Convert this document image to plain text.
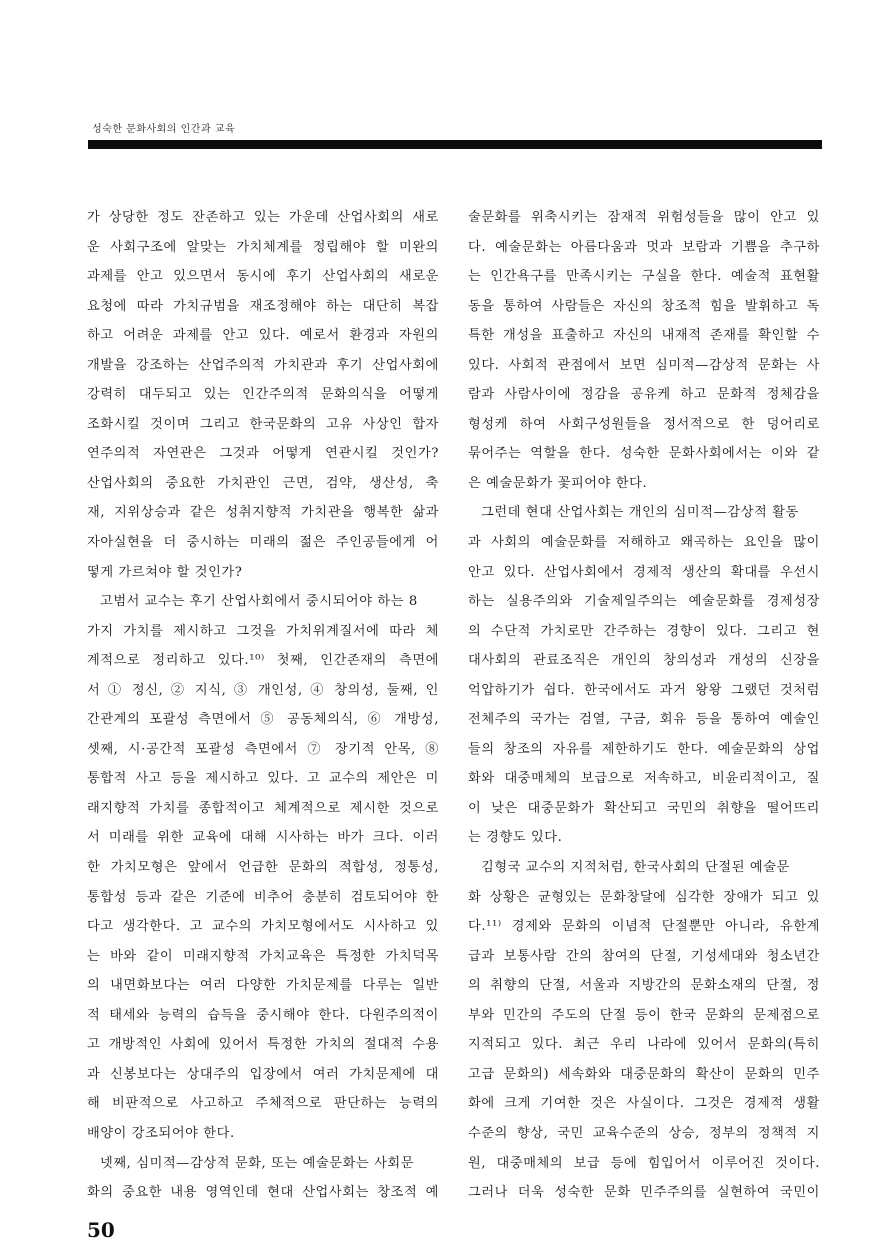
성숙한 문화사회의 인간과 교육
가 상당한 정도 잔존하고 있는 가운데 산업사회의 새로
운 사회구조에 알맞는 가치체계를 정립해야 할 미완의
과제를 안고 있으면서 동시에 후기 산업사회의 새로운
요청에 따라 가치규범을 재조정해야 하는 대단히 복잡
하고 어려운 과제를 안고 있다. 예로서 환경과 자원의
개발을 강조하는 산업주의적 가치관과 후기 산업사회에
강력히 대두되고 있는 인간주의적 문화의식을 어떻게
조화시킬 것이며 그리고 한국문화의 고유 사상인 합자
연주의적 자연관은 그것과 어떻게 연관시킬 것인가?
산업사회의 중요한 가치관인 근면, 검약, 생산성, 축
재, 지위상승과 같은 성취지향적 가치관을 행복한 삶과
자아실현을 더 중시하는 미래의 젊은 주인공들에게 어
떻게 가르쳐야 할 것인가?
고범서 교수는 후기 산업사회에서 중시되어야 하는 8
가지 가치를 제시하고 그것을 가치위계질서에 따라 체
계적으로 정리하고 있다.¹⁰⁾ 첫째, 인간존재의 측면에
서 ① 정신, ② 지식, ③ 개인성, ④ 창의성, 둘째, 인
간관계의 포괄성 측면에서 ⑤ 공동체의식, ⑥ 개방성,
셋째, 시·공간적 포괄성 측면에서 ⑦ 장기적 안목, ⑧
통합적 사고 등을 제시하고 있다. 고 교수의 제안은 미
래지향적 가치를 종합적이고 체계적으로 제시한 것으로
서 미래를 위한 교육에 대해 시사하는 바가 크다. 이러
한 가치모형은 앞에서 언급한 문화의 적합성, 정통성,
통합성 등과 같은 기준에 비추어 충분히 검토되어야 한
다고 생각한다. 고 교수의 가치모형에서도 시사하고 있
는 바와 같이 미래지향적 가치교육은 특정한 가치덕목
의 내면화보다는 여러 다양한 가치문제를 다루는 일반
적 태세와 능력의 습득을 중시해야 한다. 다원주의적이
고 개방적인 사회에 있어서 특정한 가치의 절대적 수용
과 신봉보다는 상대주의 입장에서 여러 가치문제에 대
해 비판적으로 사고하고 주체적으로 판단하는 능력의
배양이 강조되어야 한다.
넷째, 심미적—감상적 문화, 또는 예술문화는 사회문
화의 중요한 내용 영역인데 현대 산업사회는 창조적 예
술문화를 위축시키는 잠재적 위험성들을 많이 안고 있
다. 예술문화는 아름다움과 멋과 보람과 기쁨을 추구하
는 인간욕구를 만족시키는 구실을 한다. 예술적 표현활
동을 통하여 사람들은 자신의 창조적 힘을 발휘하고 독
특한 개성을 표출하고 자신의 내재적 존재를 확인할 수
있다. 사회적 관점에서 보면 심미적—감상적 문화는 사
람과 사람사이에 정감을 공유케 하고 문화적 정체감을
형성케 하여 사회구성원들을 정서적으로 한 덩어리로
묶어주는 역할을 한다. 성숙한 문화사회에서는 이와 같
은 예술문화가 꽃피어야 한다.
그런데 현대 산업사회는 개인의 심미적—감상적 활동
과 사회의 예술문화를 저해하고 왜곡하는 요인을 많이
안고 있다. 산업사회에서 경제적 생산의 확대를 우선시
하는 실용주의와 기술제일주의는 예술문화를 경제성장
의 수단적 가치로만 간주하는 경향이 있다. 그리고 현
대사회의 관료조직은 개인의 창의성과 개성의 신장을
억압하기가 쉽다. 한국에서도 과거 왕왕 그랬던 것처럼
전체주의 국가는 검열, 구금, 회유 등을 통하여 예술인
들의 창조의 자유를 제한하기도 한다. 예술문화의 상업
화와 대중매체의 보급으로 저속하고, 비윤리적이고, 질
이 낮은 대중문화가 확산되고 국민의 취향을 떨어뜨리
는 경향도 있다.
김형국 교수의 지적처럼, 한국사회의 단절된 예술문
화 상황은 균형있는 문화창달에 심각한 장애가 되고 있
다.¹¹⁾ 경제와 문화의 이념적 단절뿐만 아니라, 유한계
급과 보통사람 간의 참여의 단절, 기성세대와 청소년간
의 취향의 단절, 서울과 지방간의 문화소재의 단절, 정
부와 민간의 주도의 단절 등이 한국 문화의 문제점으로
지적되고 있다. 최근 우리 나라에 있어서 문화의(특히
고급 문화의) 세속화와 대중문화의 확산이 문화의 민주
화에 크게 기여한 것은 사실이다. 그것은 경제적 생활
수준의 향상, 국민 교육수준의 상승, 정부의 정책적 지
원, 대중매체의 보급 등에 힘입어서 이루어진 것이다.
그러나 더욱 성숙한 문화 민주주의를 실현하여 국민이
50
